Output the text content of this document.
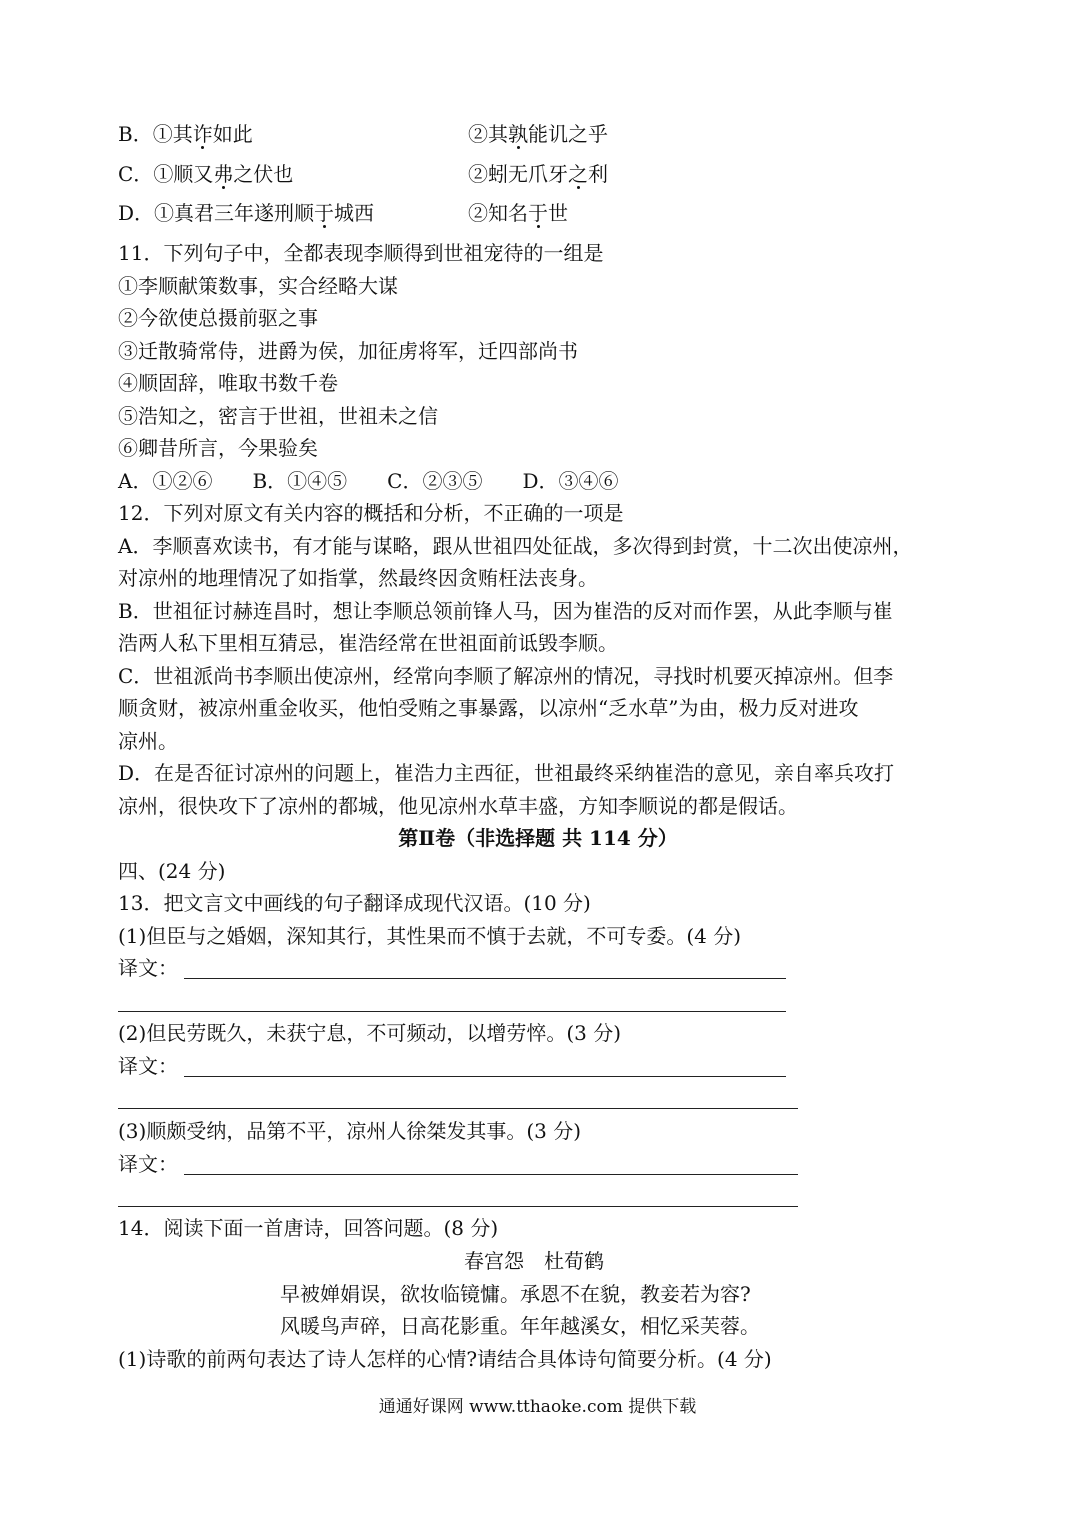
B．①其诈如此	②其孰能讥之乎
C．①顺又弗之伏也	②蚓无爪牙之利
D．①真君三年遂刑顺于城西	②知名于世
11．下列句子中，全都表现李顺得到世祖宠待的一组是
①李顺献策数事，实合经略大谋
②今欲使总摄前驱之事
③迁散骑常侍，进爵为侯，加征虏将军，迁四部尚书
④顺固辞，唯取书数千卷
⑤浩知之，密言于世祖，世祖未之信
⑥卿昔所言，今果验矣
A．①②⑥ B．①④⑤ C．②③⑤ D．③④⑥
12．下列对原文有关内容的概括和分析，不正确的一项是
A．李顺喜欢读书，有才能与谋略，跟从世祖四处征战，多次得到封赏，十二次出使凉州，
对凉州的地理情况了如指掌，然最终因贪贿枉法丧身。
B．世祖征讨赫连昌时，想让李顺总领前锋人马，因为崔浩的反对而作罢，从此李顺与崔
浩两人私下里相互猜忌，崔浩经常在世祖面前诋毁李顺。
C．世祖派尚书李顺出使凉州，经常向李顺了解凉州的情况，寻找时机要灭掉凉州。但李
顺贪财，被凉州重金收买，他怕受贿之事暴露，以凉州“乏水草”为由，极力反对进攻
凉州。
D．在是否征讨凉州的问题上，崔浩力主西征，世祖最终采纳崔浩的意见，亲自率兵攻打
凉州，很快攻下了凉州的都城，他见凉州水草丰盛，方知李顺说的都是假话。
第Ⅱ卷（非选择题 共 114 分）
四、(24 分)
13．把文言文中画线的句子翻译成现代汉语。(10 分)
(1)但臣与之婚姻，深知其行，其性果而不慎于去就，不可专委。(4 分)
译文：
(2)但民劳既久，未获宁息，不可频动，以增劳悴。(3 分)
译文：
(3)顺颇受纳，品第不平，凉州人徐桀发其事。(3 分)
译文：
14．阅读下面一首唐诗，回答问题。(8 分)
春宫怨　杜荀鹤
早被婵娟误，欲妆临镜慵。承恩不在貌，教妾若为容?
风暖鸟声碎，日高花影重。年年越溪女，相忆采芙蓉。
(1)诗歌的前两句表达了诗人怎样的心情?请结合具体诗句简要分析。(4 分)
通通好课网 www.tthaoke.com 提供下载
